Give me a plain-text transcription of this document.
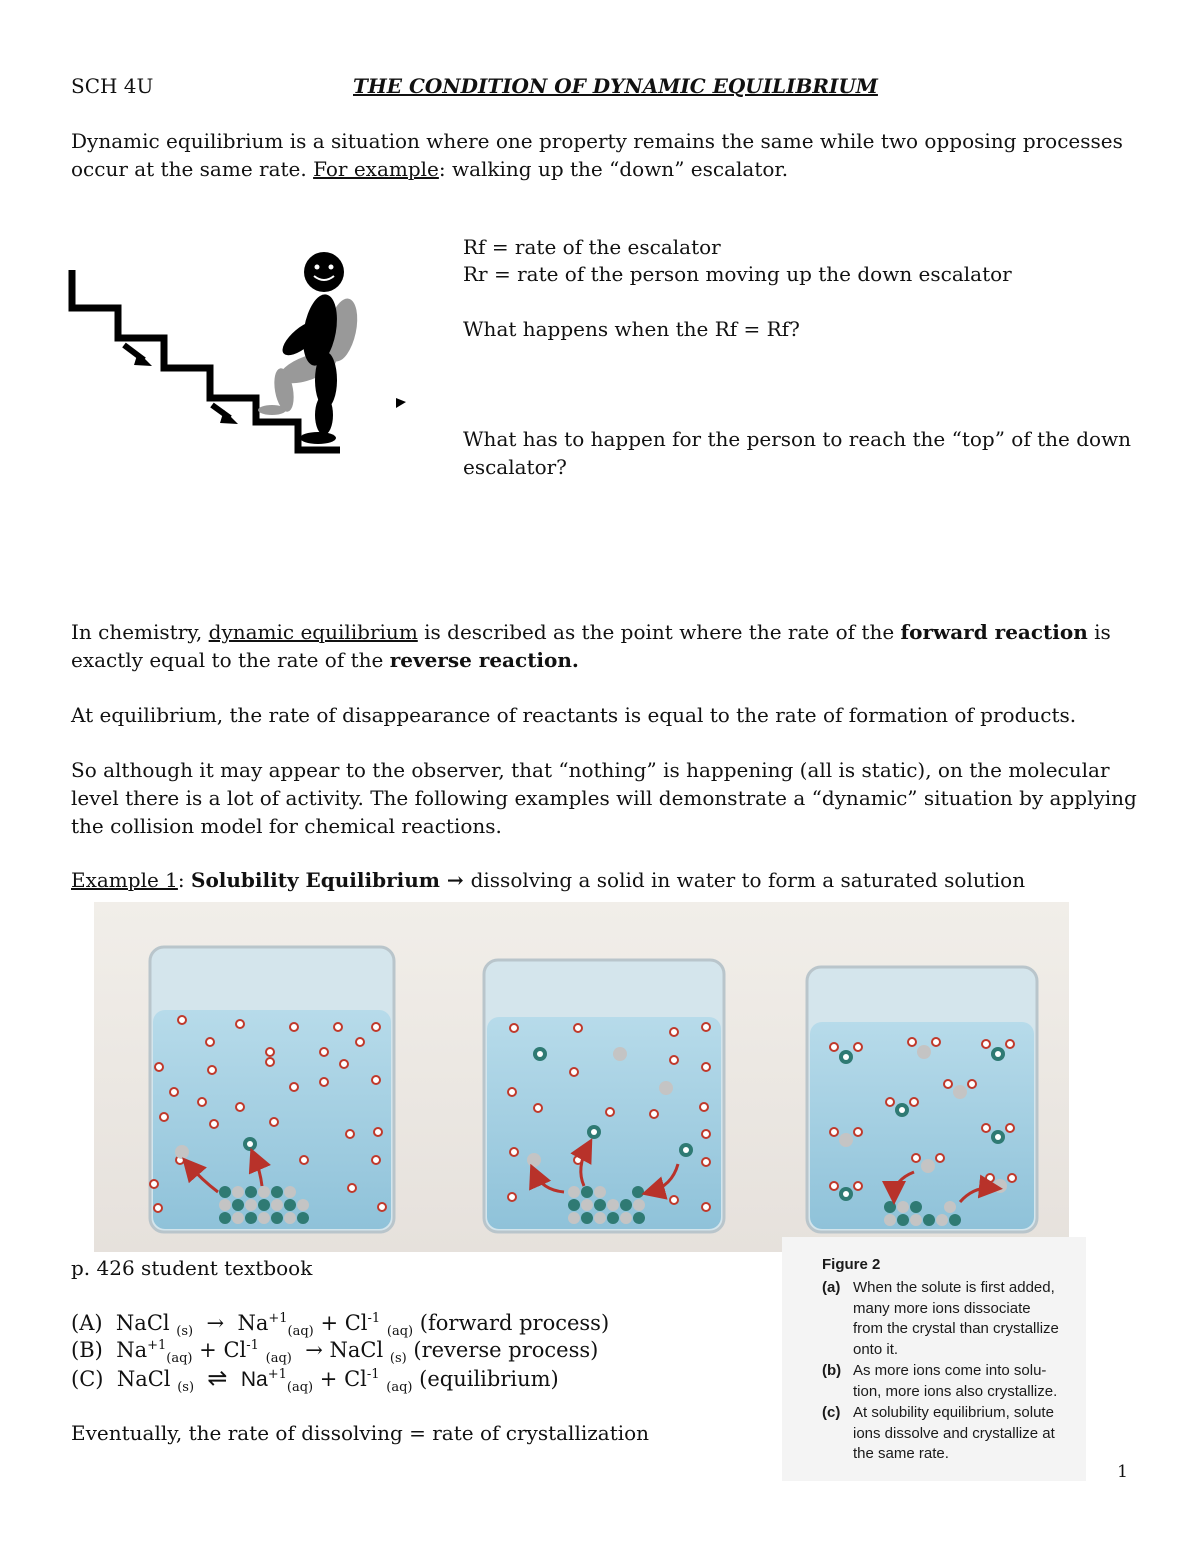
SCH 4U	THE CONDITION OF DYNAMIC EQUILIBRIUM
Dynamic equilibrium is a situation where one property remains the same while two opposing processes
occur at the same rate. For example: walking up the “down” escalator.
Rf = rate of the escalator
Rr = rate of the person moving up the down escalator
What happens when the Rf = Rf?
What has to happen for the person to reach the “top” of the down
escalator?
In chemistry, dynamic equilibrium is described as the point where the rate of the forward reaction is
exactly equal to the rate of the reverse reaction.
At equilibrium, the rate of disappearance of reactants is equal to the rate of formation of products.
So although it may appear to the observer, that “nothing” is happening (all is static), on the molecular
level there is a lot of activity. The following examples will demonstrate a “dynamic” situation by applying
the collision model for chemical reactions.
Example 1: Solubility Equilibrium → dissolving a solid in water to form a saturated solution
p. 426 student textbook
(A) NaCl $_{(s)} \to Na^{+1}_{(aq)} + Cl^{-1}$ $_{(aq)}$ (forward process)
(B) $Na^{+1}_{(aq)} + Cl^{-1}$ $_{(aq)}$ → NaCl $_{(s)}$ (reverse process)
(C) NaCl $_{(s)}$ ⇌ $Na^{+1}_{(aq)} + Cl^{-1}$ $_{(aq)}$ (equilibrium)
Eventually, the rate of dissolving = rate of crystallization
Figure 2
(a) When the solute is first added,
many more ions dissociate
from the crystal than crystallize
onto it.
(b) As more ions come into solu-
tion, more ions also crystallize.
(c) At solubility equilibrium, solute
ions dissolve and crystallize at
the same rate.
1
